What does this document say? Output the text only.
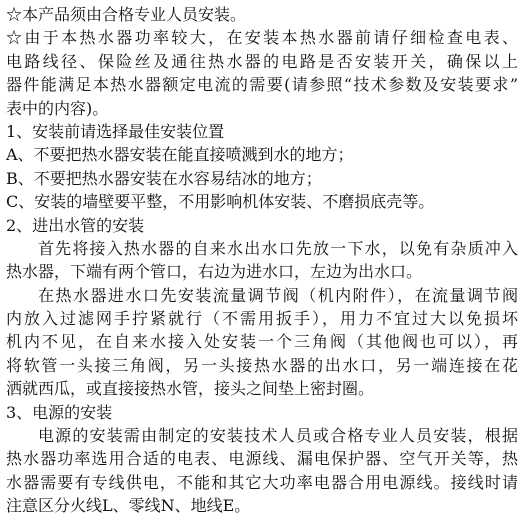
☆本产品须由合格专业人员安装。
☆由于本热水器功率较大，在安装本热水器前请仔细检查电表、
电路线径、保险丝及通往热水器的电路是否安装开关，确保以上
器件能满足本热水器额定电流的需要(请参照“技术参数及安装要求”
表中的内容)。
1、安装前请选择最佳安装位置
A、不要把热水器安装在能直接喷溅到水的地方；
B、不要把热水器安装在水容易结冰的地方；
C、安装的墙壁要平整，不用影响机体安装、不磨损底壳等。
2、进出水管的安装
首先将接入热水器的自来水出水口先放一下水，以免有杂质冲入
热水器，下端有两个管口，右边为进水口，左边为出水口。
在热水器进水口先安装流量调节阀（机内附件），在流量调节阀
内放入过滤网手拧紧就行（不需用扳手），用力不宜过大以免损坏
机内不见，在自来水接入处安装一个三角阀（其他阀也可以），再
将软管一头接三角阀，另一头接热水器的出水口，另一端连接在花
洒就西瓜，或直接接热水管，接头之间垫上密封圈。
3、电源的安装
电源的安装需由制定的安装技术人员或合格专业人员安装，根据
热水器功率选用合适的电表、电源线、漏电保护器、空气开关等，热
水器需要有专线供电，不能和其它大功率电器合用电源线。接线时请
注意区分火线L、零线N、地线E。
